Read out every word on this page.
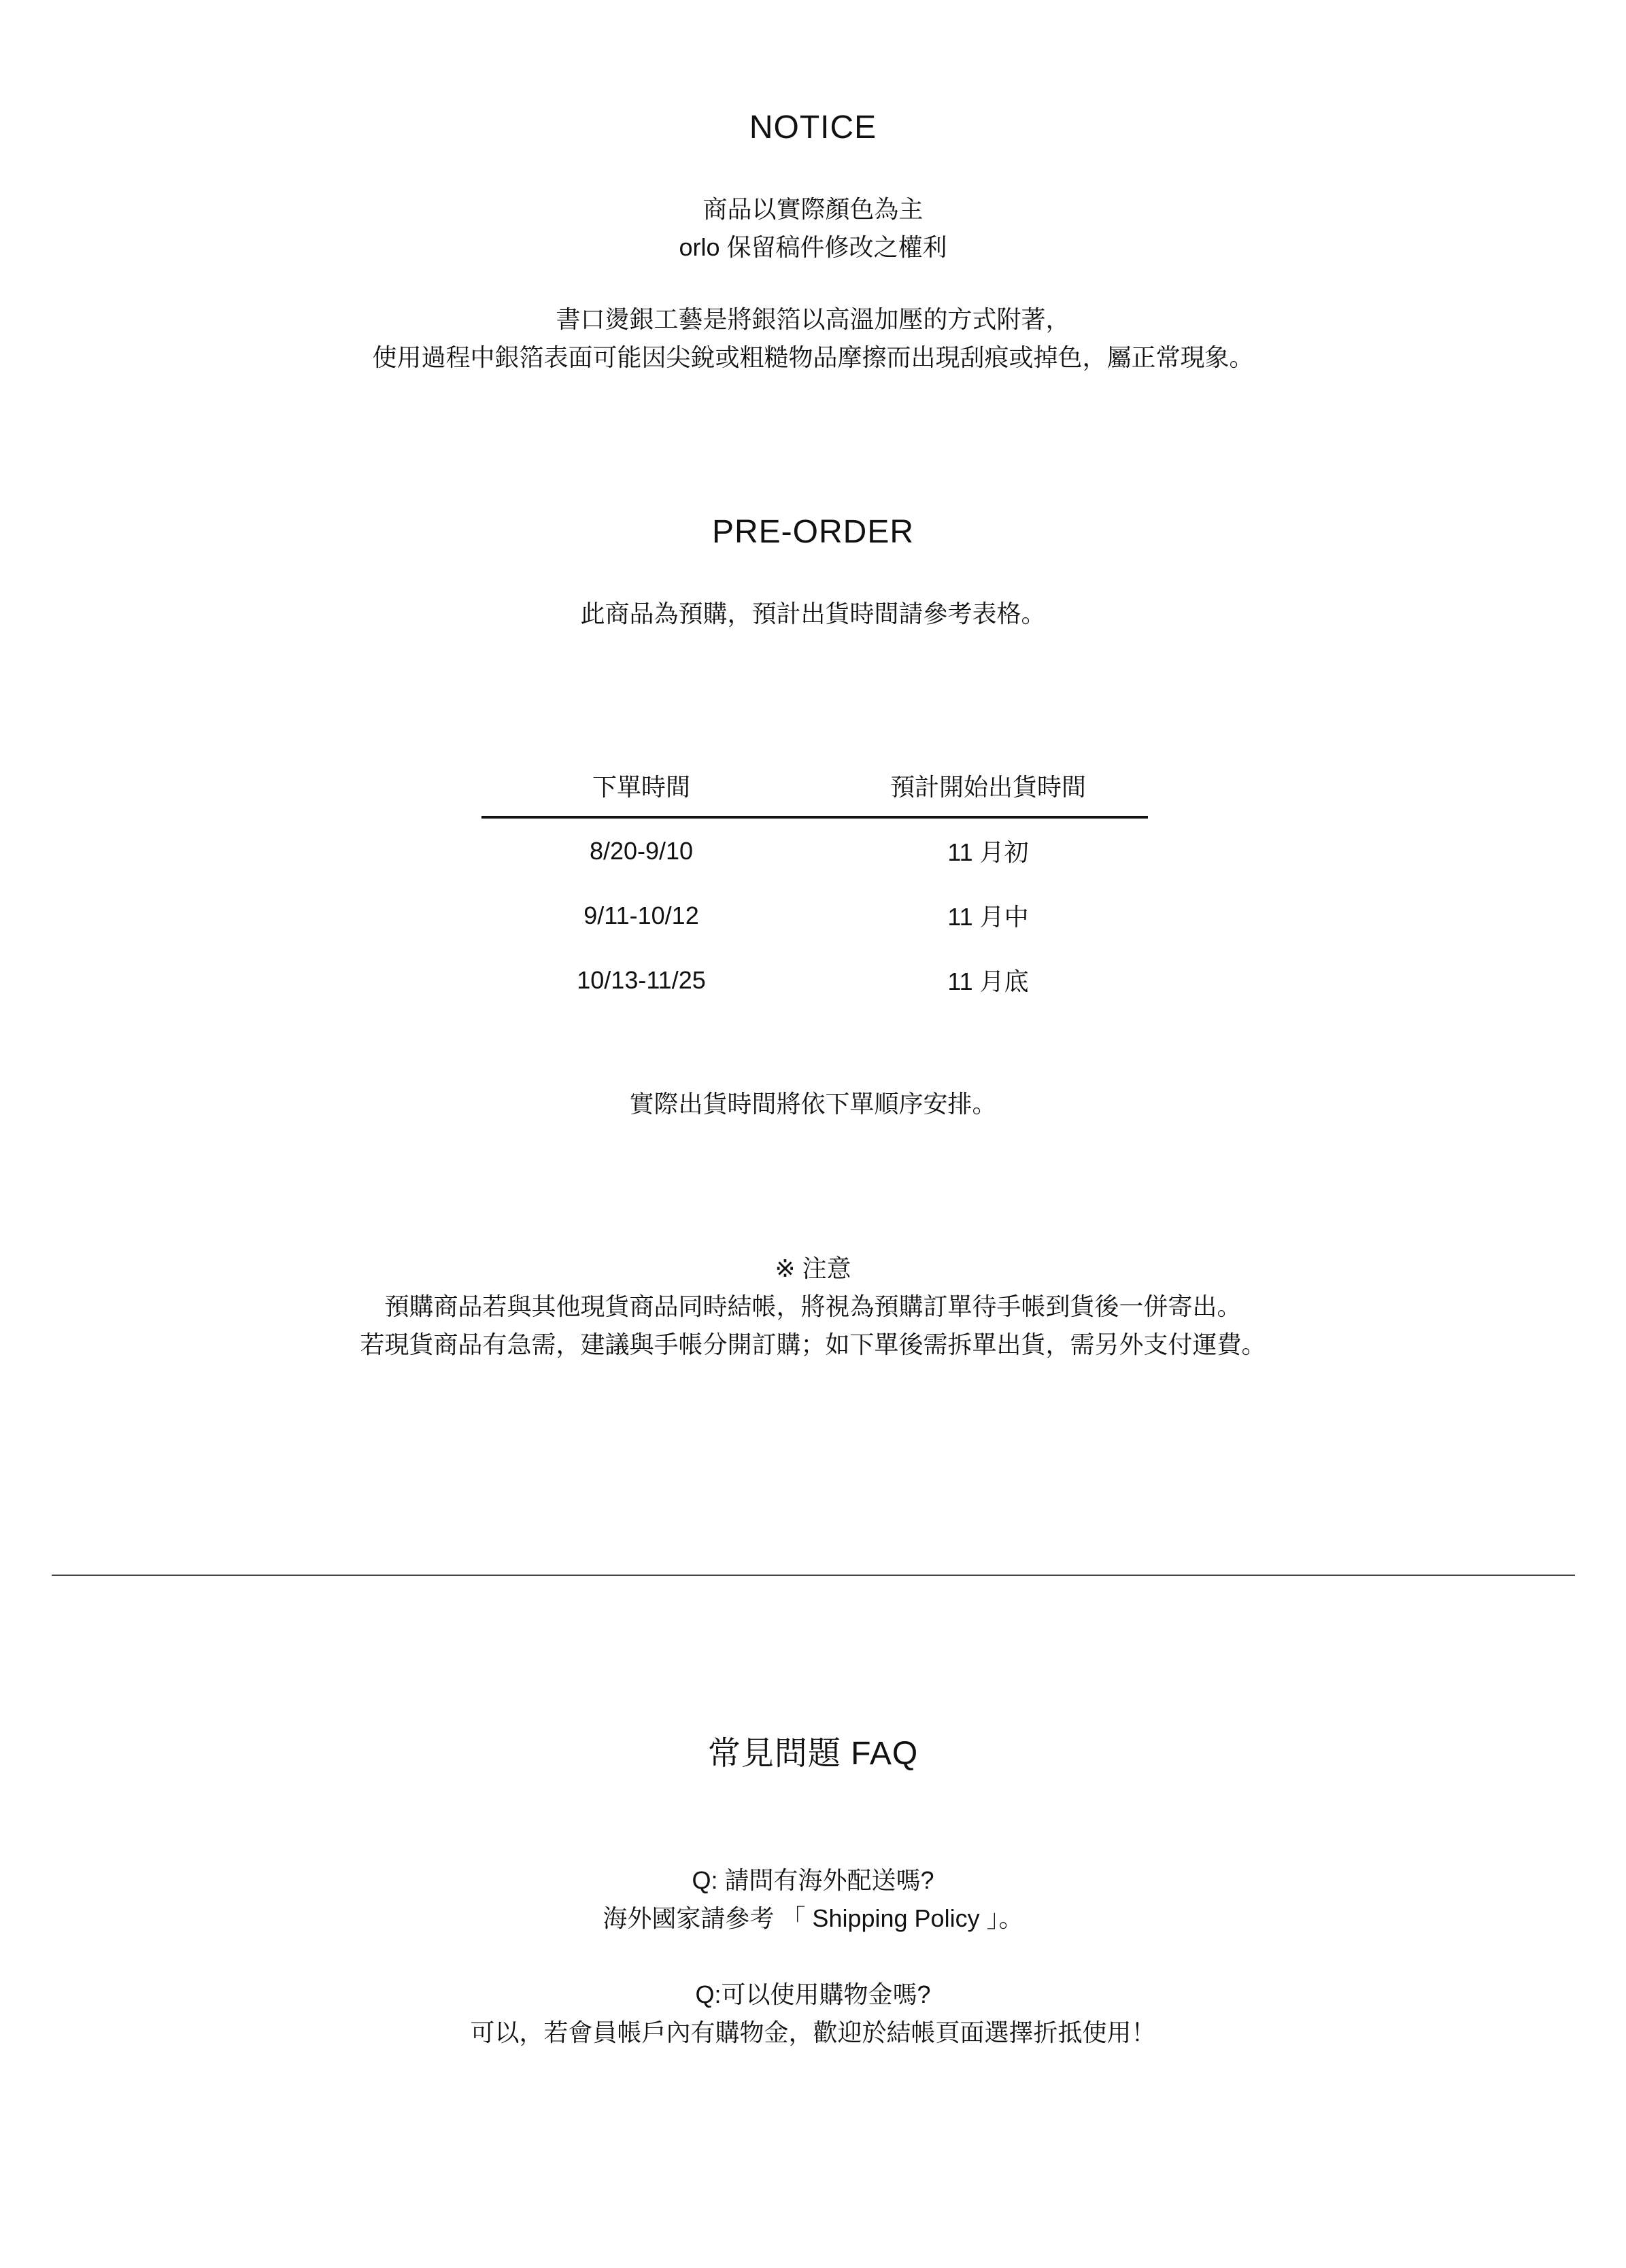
NOTICE
商品以實際顏色為主
orlo 保留稿件修改之權利
書口燙銀工藝是將銀箔以高溫加壓的方式附著，
使用過程中銀箔表面可能因尖銳或粗糙物品摩擦而出現刮痕或掉色，屬正常現象。
PRE-ORDER
此商品為預購，預計出貨時間請參考表格。
下單時間	預計開始出貨時間
8/20-9/10	11 月初
9/11-10/12	11 月中
10/13-11/25	11 月底
實際出貨時間將依下單順序安排。
※ 注意
預購商品若與其他現貨商品同時結帳，將視為預購訂單待手帳到貨後一併寄出。
若現貨商品有急需，建議與手帳分開訂購；如下單後需拆單出貨，需另外支付運費。
常見問題 FAQ
Q: 請問有海外配送嗎?
海外國家請參考 「 Shipping Policy 」。
Q:可以使用購物金嗎?
可以，若會員帳戶內有購物金，歡迎於結帳頁面選擇折抵使用！
